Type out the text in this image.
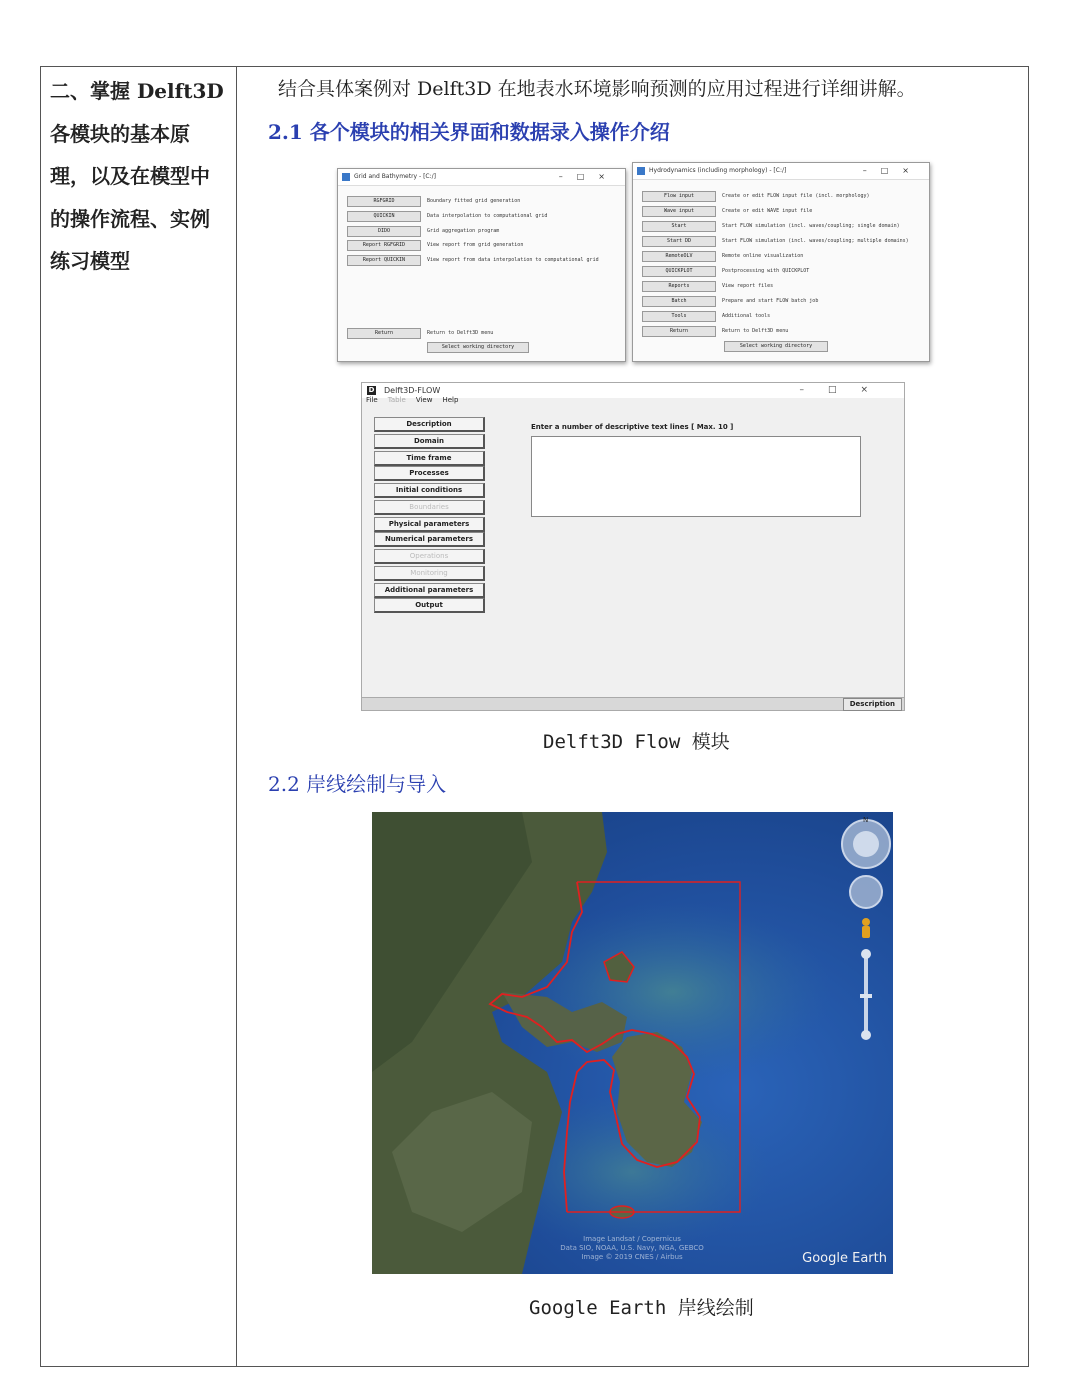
二、掌握 Delft3D
各模块的基本原
理，以及在模型中
的操作流程、实例
练习模型
结合具体案例对 Delft3D 在地表水环境影响预测的应用过程进行详细讲解。
2.1 各个模块的相关界面和数据录入操作介绍
Grid and Bathymetry - [C:/]	–□×
RGFGRID	Boundary fitted grid generation
QUICKIN	Data interpolation to computational grid
DIDO	Grid aggregation program
Report RGFGRID	View report from grid generation
Report QUICKIN	View report from data interpolation to computational grid
Return	Return to Delft3D menu
Select working directory
Hydrodynamics (including morphology) - [C:/]	–□×
Flow input	Create or edit FLOW input file (incl. morphology)
Wave input	Create or edit WAVE input file
Start	Start FLOW simulation (incl. waves/coupling; single domain)
Start DD	Start FLOW simulation (incl. waves/coupling; multiple domains)
RemoteOLV	Remote online visualization
QUICKPLOT	Postprocessing with QUICKPLOT
Reports	View report files
Batch	Prepare and start FLOW batch job
Tools	Additional tools
Return	Return to Delft3D menu
Select working directory
D Delft3D-FLOW	–□×
File Table View Help
Description
Domain
Time frame
Processes
Initial conditions
Boundaries
Physical parameters
Numerical parameters
Operations
Monitoring
Additional parameters
Output
Enter a number of descriptive text lines [ Max. 10 ]
Description
Delft3D Flow 模块
2.2 岸线绘制与导入
N
Image Landsat / Copernicus
Data SIO, NOAA, U.S. Navy, NGA, GEBCO
Image © 2019 CNES / Airbus	Google Earth
Google Earth 岸线绘制
